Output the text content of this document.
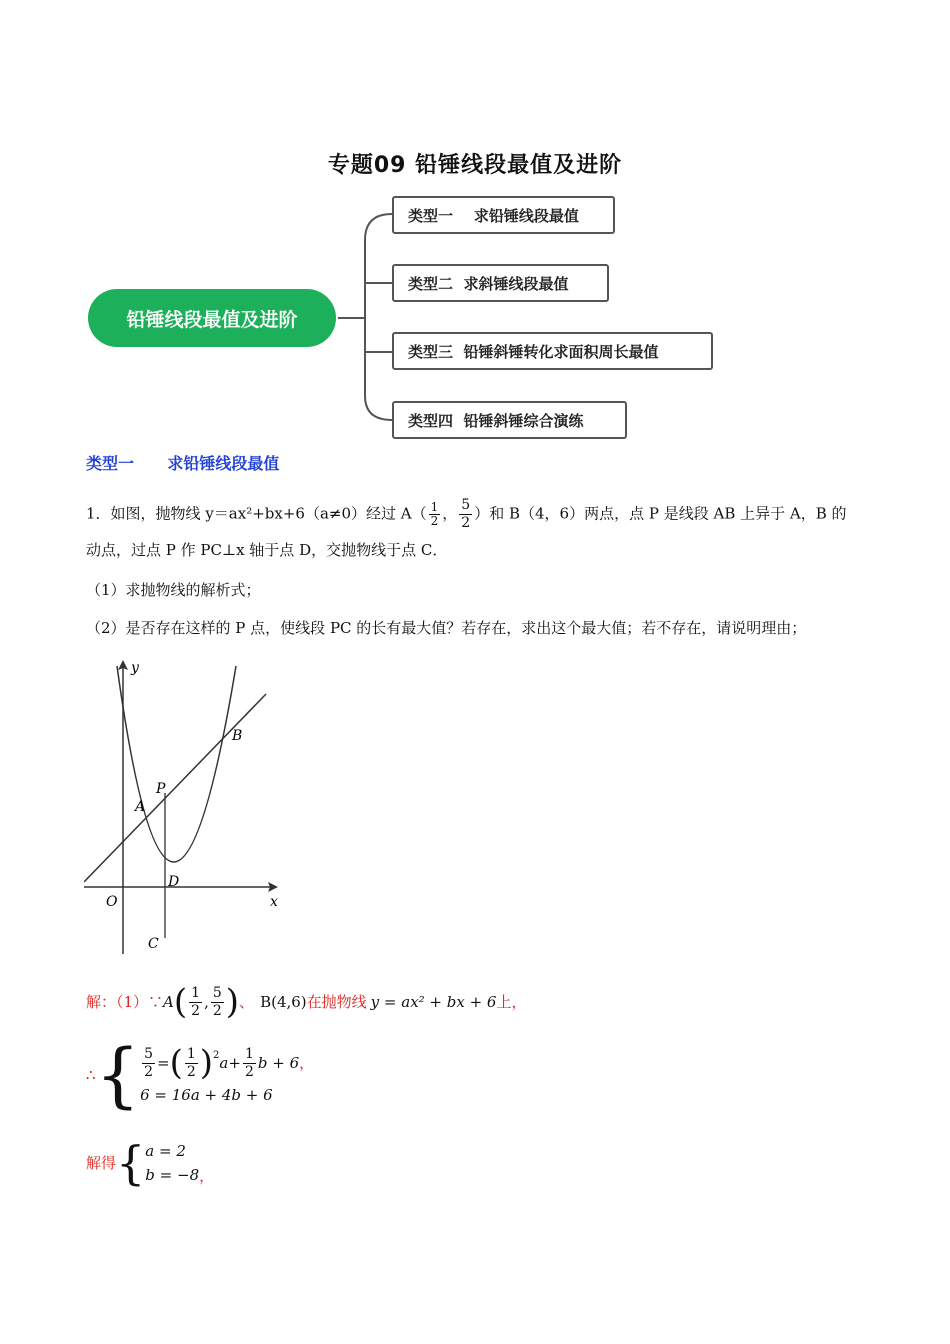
专题09 铅锤线段最值及进阶
铅锤线段最值及进阶
类型一    求铅锤线段最值
类型二  求斜锤线段最值
类型三  铅锤斜锤转化求面积周长最值
类型四  铅锤斜锤综合演练
类型一      求铅锤线段最值
1．如图，抛物线 y＝ax²+bx+6（a≠0）经过 $A( \frac{1}{2}$ ， $\frac{5}{2}$ ）和 B（4，6）两点，点 P 是线段 AB 上异于 A，B 的
动点，过点 P 作 PC⊥x 轴于点 D，交抛物线于点 C．
（1）求抛物线的解析式；
（2）是否存在这样的 P 点，使线段 PC 的长有最大值？若存在，求出这个最大值；若不存在，请说明理由；
y
x
O
A
B
P
D
C
解：（1）∵ A ( $\frac{1}{2}$ , $\frac{5}{2}$ ) 、 B(4,6) 在抛物线 y = ax² + bx + 6 上，
∴ { $\frac{5}{2}$ = ( $\frac{1}{2} )^2$ $a + \frac{1}{2}$ b + 6 ，
6 = 16a + 4b + 6
解得 { a = 2
b = −8 ，
